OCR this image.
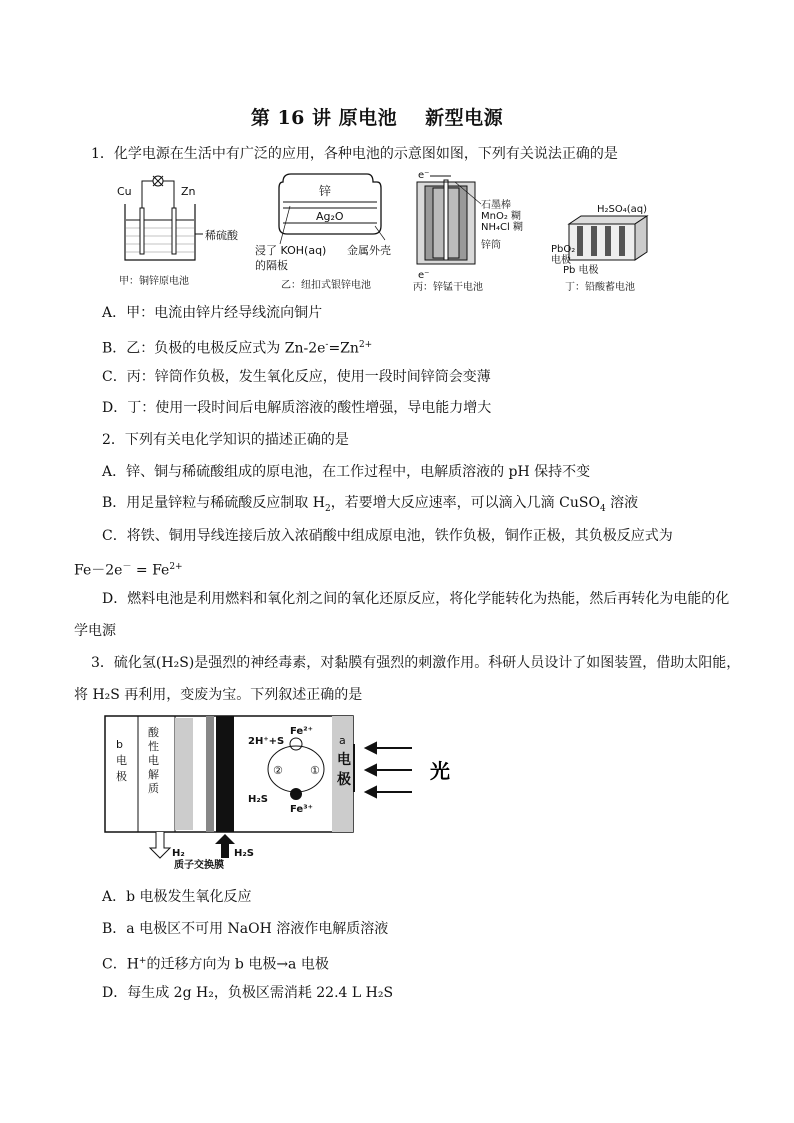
第 16 讲 原电池 新型电源
1．化学电源在生活中有广泛的应用，各种电池的示意图如图，下列有关说法正确的是
Cu	Zn
稀硫酸
甲：铜锌原电池
锌
Ag₂O
浸了 KOH(aq)
的隔板
金属外壳
乙：纽扣式银锌电池
e⁻
e⁻
石墨棒
MnO₂ 糊
NH₄Cl 糊
锌筒
丙：锌锰干电池
H₂SO₄(aq)
PbO₂
电极
Pb 电极
丁：铅酸蓄电池
A．甲：电流由锌片经导线流向铜片
B．乙：负极的电极反应式为 $Zn-2e^-=Zn^{2+}$
C．丙：锌筒作负极，发生氧化反应，使用一段时间锌筒会变薄
D．丁：使用一段时间后电解质溶液的酸性增强，导电能力增大
2．下列有关电化学知识的描述正确的是
A．锌、铜与稀硫酸组成的原电池，在工作过程中，电解质溶液的 pH 保持不变
B．用足量锌粒与稀硫酸反应制取 $H_2$，若要增大反应速率，可以滴入几滴 CuSO$_4$ 溶液
C．将铁、铜用导线连接后放入浓硝酸中组成原电池，铁作负极，铜作正极，其负极反应式为
$Fe-2e^- = Fe^{2+}$
D．燃料电池是利用燃料和氧化剂之间的氧化还原反应，将化学能转化为热能，然后再转化为电能的化
学电源
3．硫化氢(H₂S)是强烈的神经毒素，对黏膜有强烈的刺激作用。科研人员设计了如图装置，借助太阳能，
将 H₂S 再利用，变废为宝。下列叙述正确的是
b
电
极
酸
性
电
解
质
2H⁺+S
Fe²⁺
Fe³⁺
② ①
H₂S
a
电
极	光
H₂	H₂S
质子交换膜
A．b 电极发生氧化反应
B．a 电极区不可用 NaOH 溶液作电解质溶液
C．H+的迁移方向为 b 电极→a 电极
D．每生成 2g H₂，负极区需消耗 22.4 L H₂S
